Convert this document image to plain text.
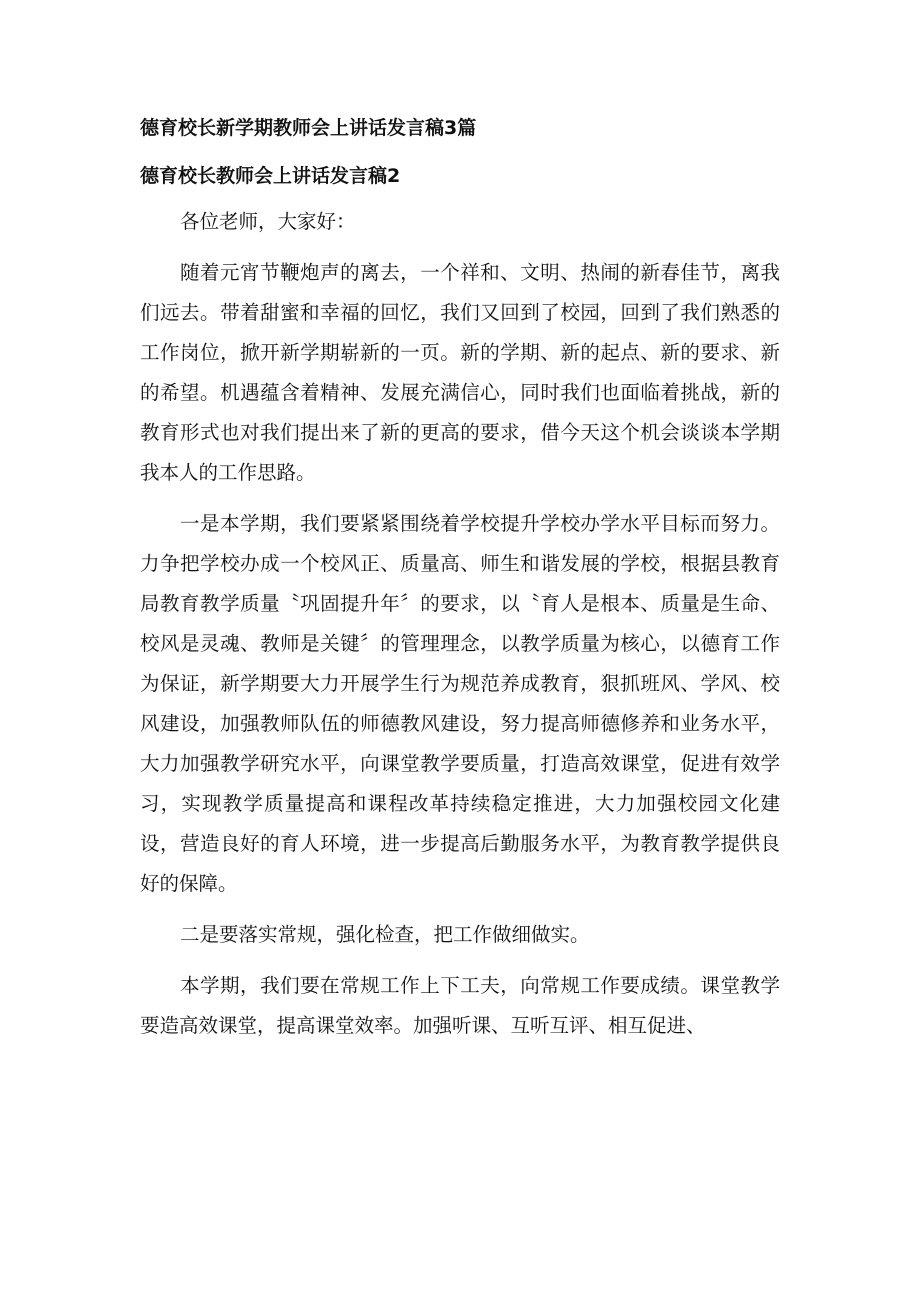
德育校长新学期教师会上讲话发言稿3篇
德育校长教师会上讲话发言稿2

各位老师，大家好：

随着元宵节鞭炮声的离去，一个祥和、文明、热闹的新春佳节，离我们远去。带着甜蜜和幸福的回忆，我们又回到了校园，回到了我们熟悉的工作岗位，掀开新学期崭新的一页。新的学期、新的起点、新的要求、新的希望。机遇蕴含着精神、发展充满信心，同时我们也面临着挑战，新的教育形式也对我们提出来了新的更高的要求，借今天这个机会谈谈本学期我本人的工作思路。

一是本学期，我们要紧紧围绕着学校提升学校办学水平目标而努力。力争把学校办成一个校风正、质量高、师生和谐发展的学校，根据县教育局教育教学质量〝巩固提升年〞的要求，以〝育人是根本、质量是生命、校风是灵魂、教师是关键〞的管理理念，以教学质量为核心，以德育工作为保证，新学期要大力开展学生行为规范养成教育，狠抓班风、学风、校风建设，加强教师队伍的师德教风建设，努力提高师德修养和业务水平，大力加强教学研究水平，向课堂教学要质量，打造高效课堂，促进有效学习，实现教学质量提高和课程改革持续稳定推进，大力加强校园文化建设，营造良好的育人环境，进一步提高后勤服务水平，为教育教学提供良好的保障。

二是要落实常规，强化检查，把工作做细做实。

本学期，我们要在常规工作上下工夫，向常规工作要成绩。课堂教学要造高效课堂，提高课堂效率。加强听课、互听互评、相互促进、
